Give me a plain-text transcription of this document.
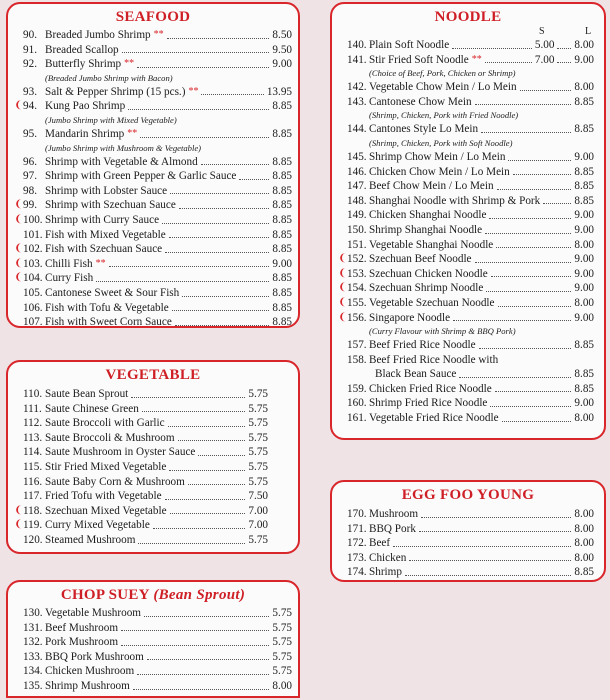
SEAFOOD
90. Breaded Jumbo Shrimp **	8.50
91. Breaded Scallop	9.50
92. Butterfly Shrimp **	9.00
(Breaded Jumbo Shrimp with Bacon)
93. Salt & Pepper Shrimp (15 pcs.) **	13.95
❨ 94. Kung Pao Shrimp	8.85
(Jumbo Shrimp with Mixed Vegetable)
95. Mandarin Shrimp **	8.85
(Jumbo Shrimp with Mushroom & Vegetable)
96. Shrimp with Vegetable & Almond	8.85
97. Shrimp with Green Pepper & Garlic Sauce	8.85
98. Shrimp with Lobster Sauce	8.85
❨ 99. Shrimp with Szechuan Sauce	8.85
❨ 100. Shrimp with Curry Sauce	8.85
101. Fish with Mixed Vegetable	8.85
❨ 102. Fish with Szechuan Sauce	8.85
❨ 103. Chilli Fish **	9.00
❨ 104. Curry Fish	8.85
105. Cantonese Sweet & Sour Fish	8.85
106. Fish with Tofu & Vegetable	8.85
107. Fish with Sweet Corn Sauce	8.85
VEGETABLE
110. Saute Bean Sprout	5.75
111. Saute Chinese Green	5.75
112. Saute Broccoli with Garlic	5.75
113. Saute Broccoli & Mushroom	5.75
114. Saute Mushroom in Oyster Sauce	5.75
115. Stir Fried Mixed Vegetable	5.75
116. Saute Baby Corn & Mushroom	5.75
117. Fried Tofu with Vegetable	7.50
❨ 118. Szechuan Mixed Vegetable	7.00
❨ 119. Curry Mixed Vegetable	7.00
120. Steamed Mushroom	5.75
CHOP SUEY (Bean Sprout)
130. Vegetable Mushroom	5.75
131. Beef Mushroom	5.75
132. Pork Mushroom	5.75
133. BBQ Pork Mushroom	5.75
134. Chicken Mushroom	5.75
135. Shrimp Mushroom	8.00
NOODLE
S	L
140. Plain Soft Noodle	5.00 8.00
141. Stir Fried Soft Noodle **	7.00 9.00
(Choice of Beef, Pork, Chicken or Shrimp)
142. Vegetable Chow Mein / Lo Mein	8.00
143. Cantonese Chow Mein	8.85
(Shrimp, Chicken, Pork with Fried Noodle)
144. Cantones Style Lo Mein	8.85
(Shrimp, Chicken, Pork with Soft Noodle)
145. Shrimp Chow Mein / Lo Mein	9.00
146. Chicken Chow Mein / Lo Mein	8.85
147. Beef Chow Mein / Lo Mein	8.85
148. Shanghai Noodle with Shrimp & Pork	8.85
149. Chicken Shanghai Noodle	9.00
150. Shrimp Shanghai Noodle	9.00
151. Vegetable Shanghai Noodle	8.00
❨ 152. Szechuan Beef Noodle	9.00
❨ 153. Szechuan Chicken Noodle	9.00
❨ 154. Szechuan Shrimp Noodle	9.00
❨ 155. Vegetable Szechuan Noodle	8.00
❨ 156. Singapore Noodle	9.00
(Curry Flavour with Shrimp & BBQ Pork)
157. Beef Fried Rice Noodle	8.85
158. Beef Fried Rice Noodle with
Black Bean Sauce	8.85
159. Chicken Fried Rice Noodle	8.85
160. Shrimp Fried Rice Noodle	9.00
161. Vegetable Fried Rice Noodle	8.00
EGG FOO YOUNG
170. Mushroom	8.00
171. BBQ Pork	8.00
172. Beef	8.00
173. Chicken	8.00
174. Shrimp	8.85
